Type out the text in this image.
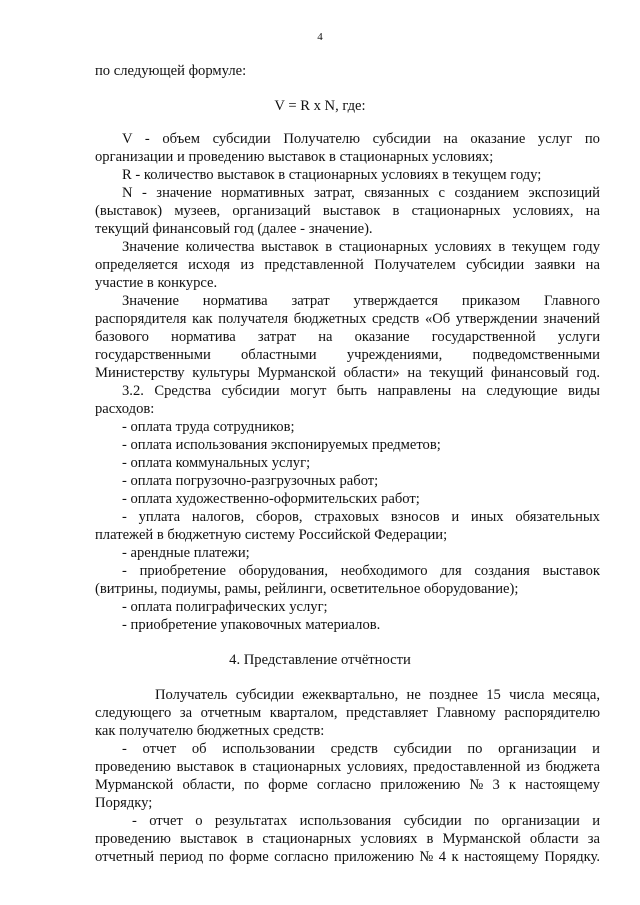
4
по следующей формуле:
V = R x N, где:
V - объем субсидии Получателю субсидии на оказание услуг по
организации и проведению выставок в стационарных условиях;
R - количество выставок в стационарных условиях в текущем году;
N - значение нормативных затрат, связанных с созданием экспозиций
(выставок) музеев, организаций выставок в стационарных условиях, на
текущий финансовый год (далее - значение).
Значение количества выставок в стационарных условиях в текущем году
определяется исходя из представленной Получателем субсидии заявки на
участие в конкурсе.
Значение норматива затрат утверждается приказом Главного
распорядителя как получателя бюджетных средств «Об утверждении значений
базового норматива затрат на оказание государственной услуги
государственными областными учреждениями, подведомственными
Министерству культуры Мурманской области» на текущий финансовый год.
3.2. Средства субсидии могут быть направлены на следующие виды
расходов:
- оплата труда сотрудников;
- оплата использования экспонируемых предметов;
- оплата коммунальных услуг;
- оплата погрузочно-разгрузочных работ;
- оплата художественно-оформительских работ;
- уплата налогов, сборов, страховых взносов и иных обязательных
платежей в бюджетную систему Российской Федерации;
- арендные платежи;
- приобретение оборудования, необходимого для создания выставок
(витрины, подиумы, рамы, рейлинги, осветительное оборудование);
- оплата полиграфических услуг;
- приобретение упаковочных материалов.
4. Представление отчётности
Получатель субсидии ежеквартально, не позднее 15 числа месяца,
следующего за отчетным кварталом, представляет Главному распорядителю
как получателю бюджетных средств:
- отчет об использовании средств субсидии по организации и
проведению выставок в стационарных условиях, предоставленной из бюджета
Мурманской области, по форме согласно приложению № 3 к настоящему
Порядку;
- отчет о результатах использования субсидии по организации и
проведению выставок в стационарных условиях в Мурманской области за
отчетный период по форме согласно приложению № 4 к настоящему Порядку.
